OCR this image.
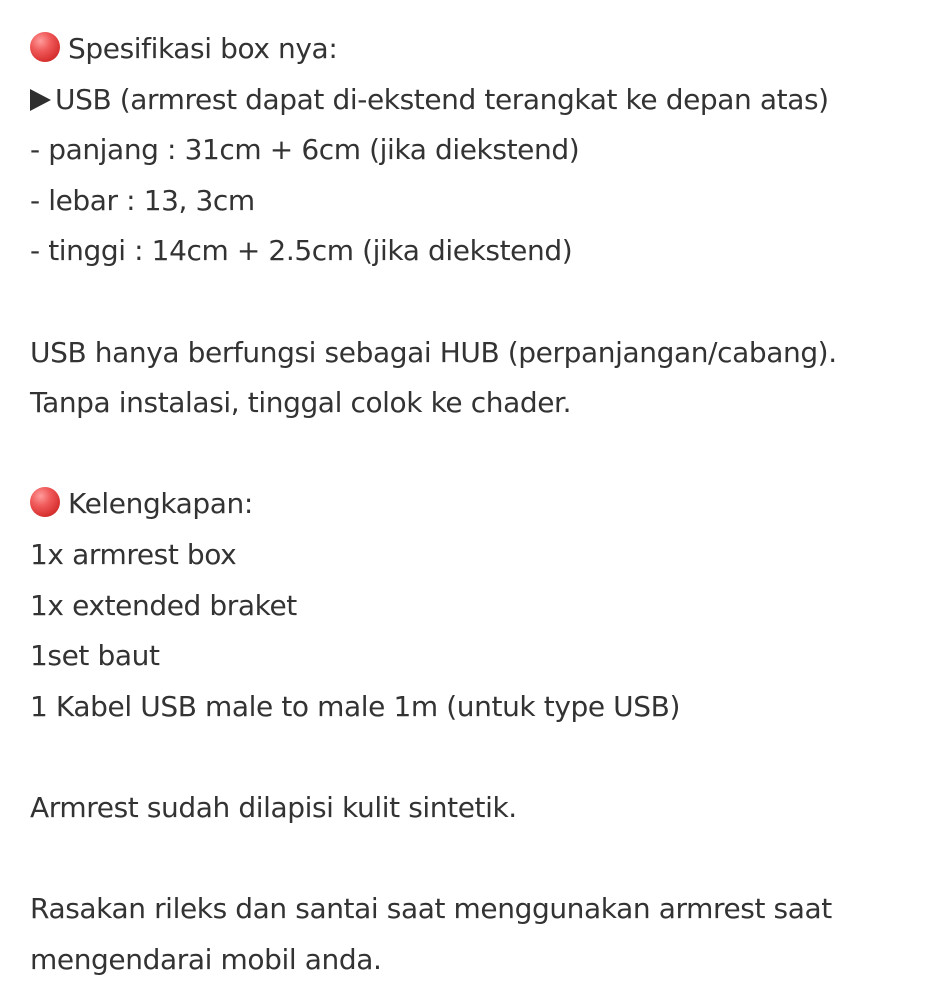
Spesifikasi box nya:
USB (armrest dapat di-ekstend terangkat ke depan atas)
- panjang : 31cm + 6cm (jika diekstend)
- lebar : 13, 3cm
- tinggi : 14cm + 2.5cm (jika diekstend)
USB hanya berfungsi sebagai HUB (perpanjangan/cabang).
Tanpa instalasi, tinggal colok ke chader.
Kelengkapan:
1x armrest box
1x extended braket
1set baut
1 Kabel USB male to male 1m (untuk type USB)
Armrest sudah dilapisi kulit sintetik.
Rasakan rileks dan santai saat menggunakan armrest saat
mengendarai mobil anda.
